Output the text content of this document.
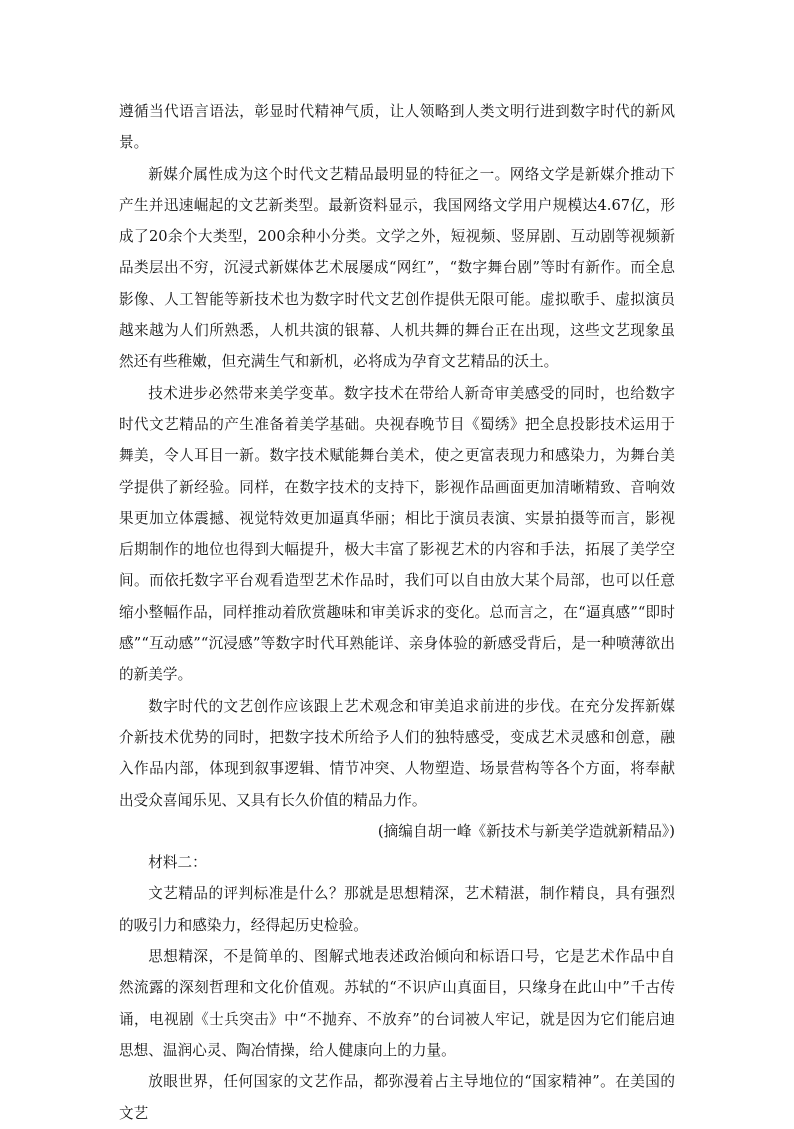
遵循当代语言语法，彰显时代精神气质，让人领略到人类文明行进到数字时代的新风景。

新媒介属性成为这个时代文艺精品最明显的特征之一。网络文学是新媒介推动下产生并迅速崛起的文艺新类型。最新资料显示，我国网络文学用户规模达4.67亿，形成了20余个大类型，200余种小分类。文学之外，短视频、竖屏剧、互动剧等视频新品类层出不穷，沉浸式新媒体艺术展屡成“网红”，“数字舞台剧”等时有新作。而全息影像、人工智能等新技术也为数字时代文艺创作提供无限可能。虚拟歌手、虚拟演员越来越为人们所熟悉，人机共演的银幕、人机共舞的舞台正在出现，这些文艺现象虽然还有些稚嫩，但充满生气和新机，必将成为孕育文艺精品的沃土。

技术进步必然带来美学变革。数字技术在带给人新奇审美感受的同时，也给数字时代文艺精品的产生准备着美学基础。央视春晚节目《蜀绣》把全息投影技术运用于舞美，令人耳目一新。数字技术赋能舞台美术，使之更富表现力和感染力，为舞台美学提供了新经验。同样，在数字技术的支持下，影视作品画面更加清晰精致、音响效果更加立体震撼、视觉特效更加逼真华丽；相比于演员表演、实景拍摄等而言，影视后期制作的地位也得到大幅提升，极大丰富了影视艺术的内容和手法，拓展了美学空间。而依托数字平台观看造型艺术作品时，我们可以自由放大某个局部，也可以任意缩小整幅作品，同样推动着欣赏趣味和审美诉求的变化。总而言之，在“逼真感”“即时感”“互动感”“沉浸感”等数字时代耳熟能详、亲身体验的新感受背后，是一种喷薄欲出的新美学。

数字时代的文艺创作应该跟上艺术观念和审美追求前进的步伐。在充分发挥新媒介新技术优势的同时，把数字技术所给予人们的独特感受，变成艺术灵感和创意，融入作品内部，体现到叙事逻辑、情节冲突、人物塑造、场景营构等各个方面，将奉献出受众喜闻乐见、又具有长久价值的精品力作。

(摘编自胡一峰《新技术与新美学造就新精品》)

材料二：

文艺精品的评判标准是什么？那就是思想精深，艺术精湛，制作精良，具有强烈的吸引力和感染力，经得起历史检验。

思想精深，不是简单的、图解式地表述政治倾向和标语口号，它是艺术作品中自然流露的深刻哲理和文化价值观。苏轼的“不识庐山真面目，只缘身在此山中”千古传诵，电视剧《士兵突击》中“不抛弃、不放弃”的台词被人牢记，就是因为它们能启迪思想、温润心灵、陶冶情操，给人健康向上的力量。

放眼世界，任何国家的文艺作品，都弥漫着占主导地位的“国家精神”。在美国的文艺
